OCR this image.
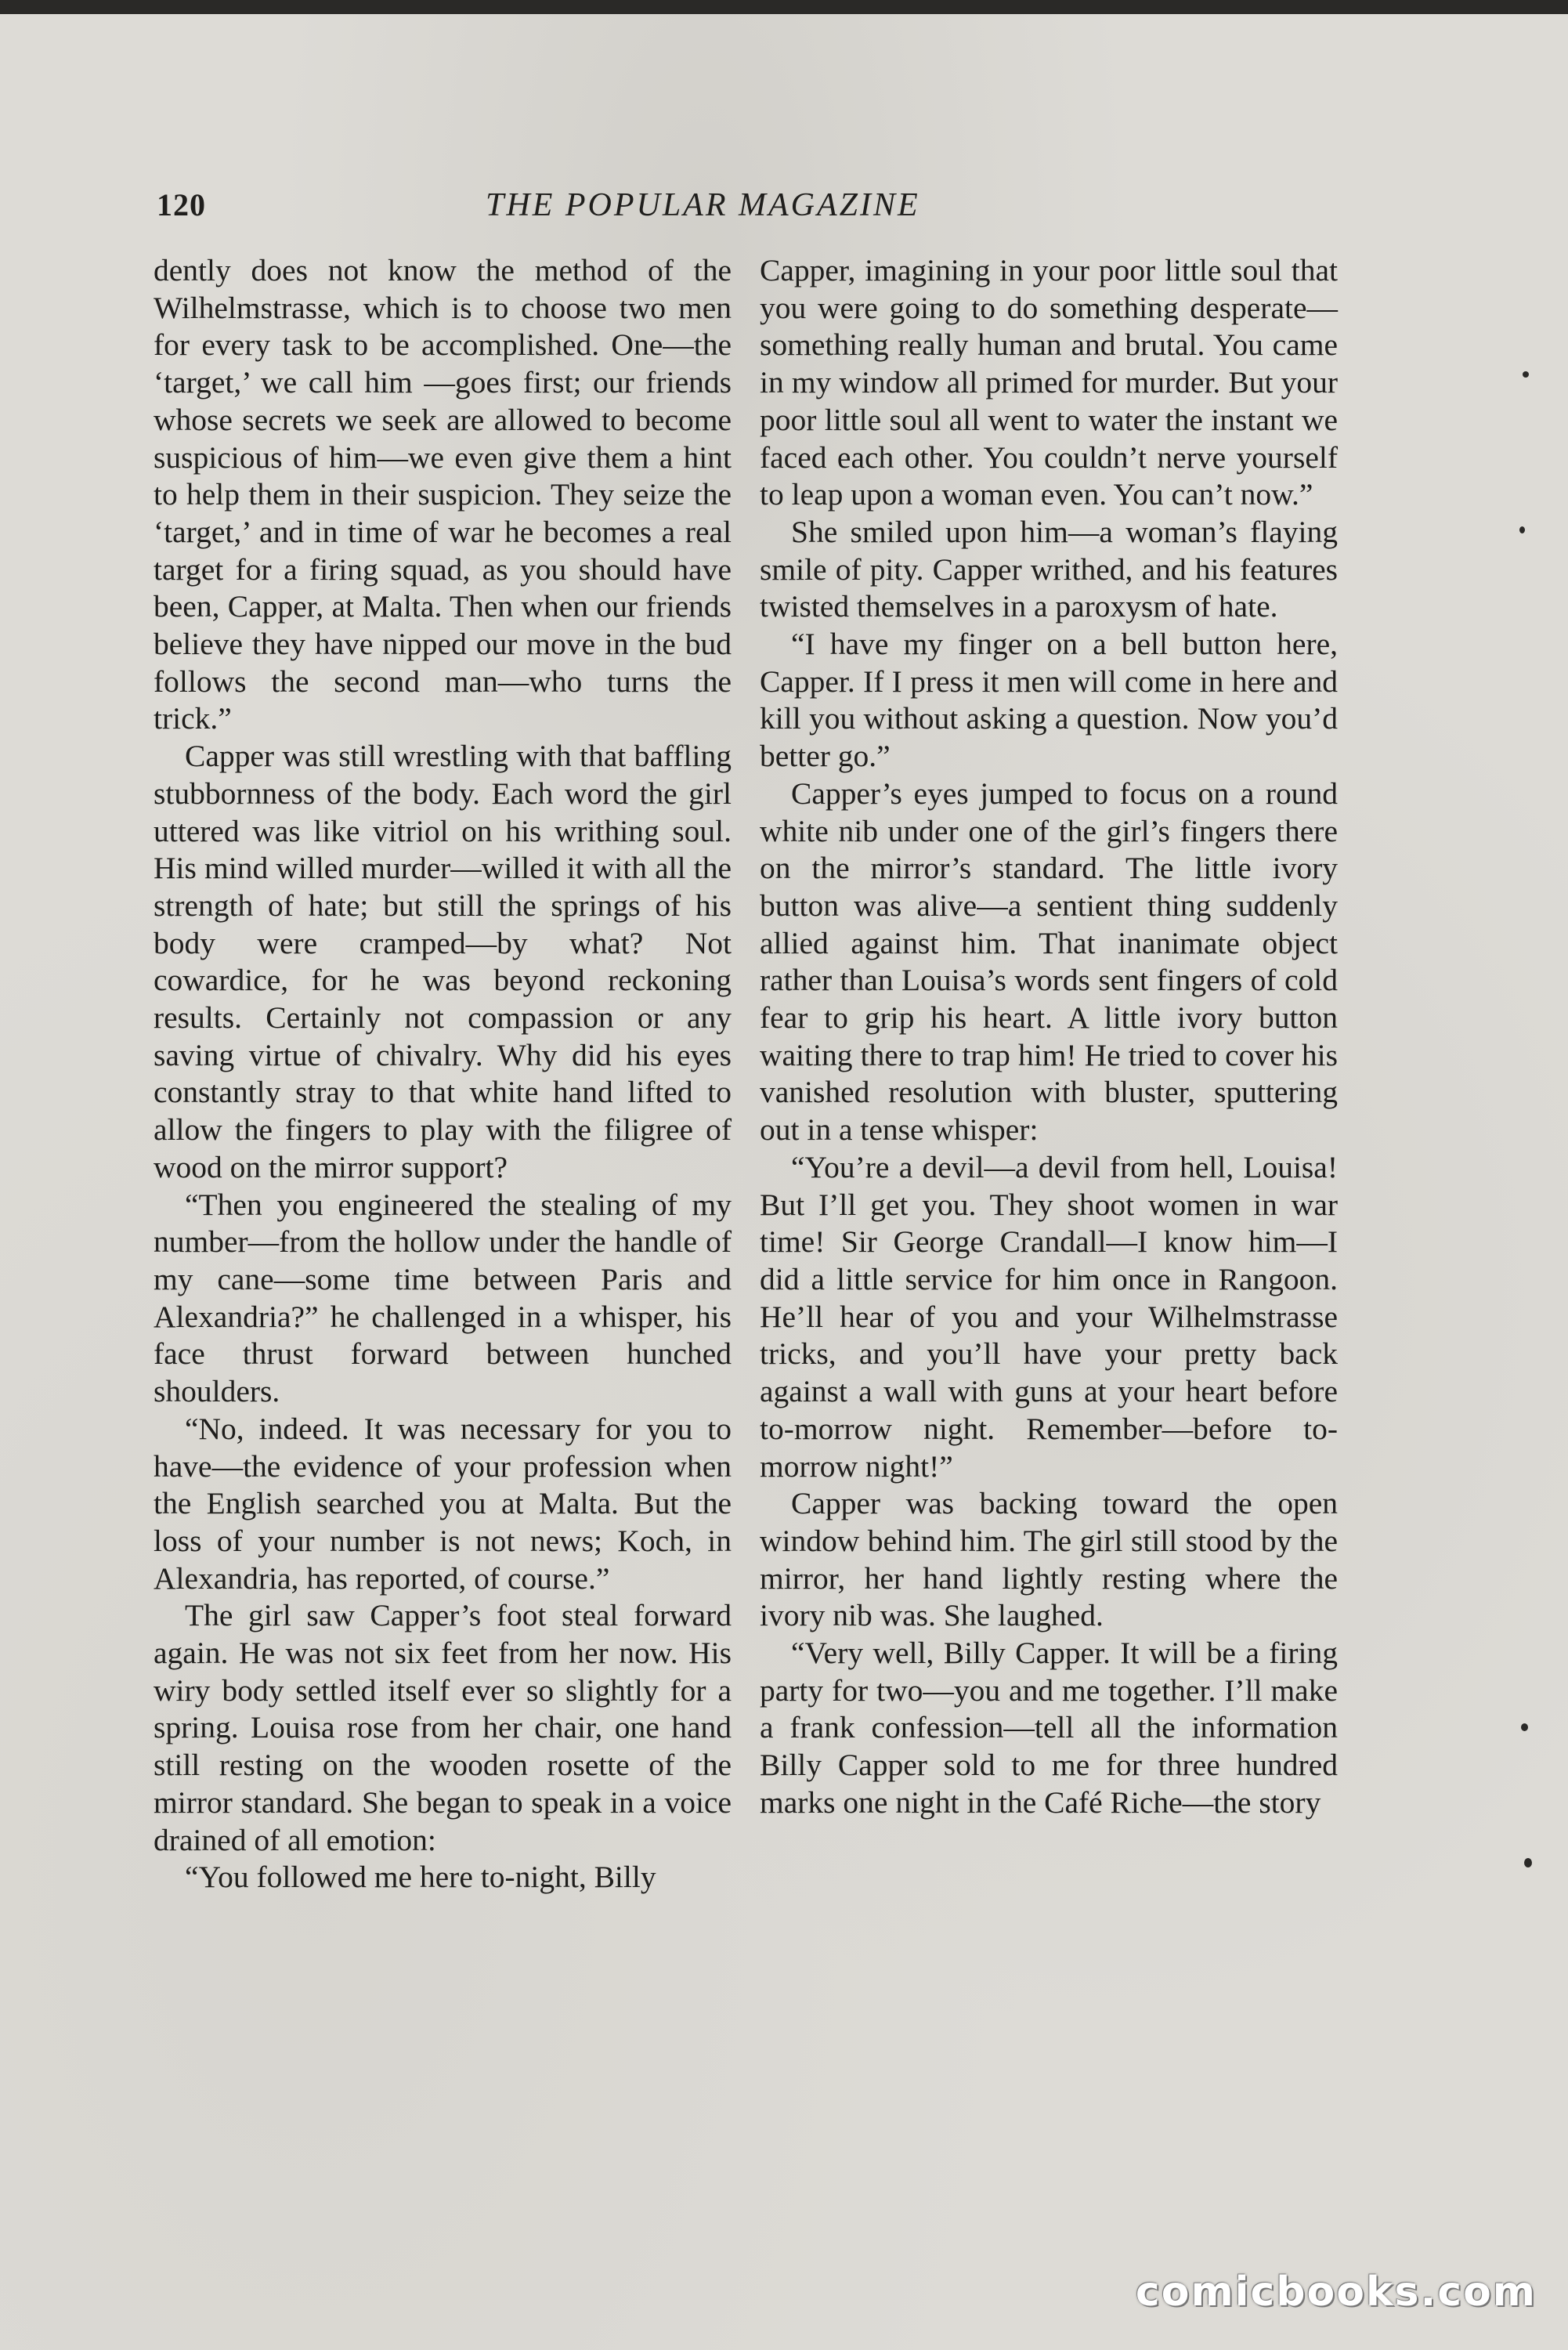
120	THE POPULAR MAGAZINE

dently does not know the method of the Wilhelmstrasse, which is to choose two men for every task to be accomplished. One—the ‘target,’ we call him —goes first; our friends whose secrets we seek are allowed to become suspicious of him—we even give them a hint to help them in their suspicion. They seize the ‘target,’ and in time of war he becomes a real target for a firing squad, as you should have been, Capper, at Malta. Then when our friends believe they have nipped our move in the bud follows the second man—who turns the trick.”

Capper was still wrestling with that baffling stubbornness of the body. Each word the girl uttered was like vitriol on his writhing soul. His mind willed murder—willed it with all the strength of hate; but still the springs of his body were cramped—by what? Not cowardice, for he was beyond reckoning results. Certainly not compassion or any saving virtue of chivalry. Why did his eyes constantly stray to that white hand lifted to allow the fingers to play with the filigree of wood on the mirror support?

“Then you engineered the stealing of my number—from the hollow under the handle of my cane—some time between Paris and Alexandria?” he challenged in a whisper, his face thrust forward between hunched shoulders.

“No, indeed. It was necessary for you to have—the evidence of your profession when the English searched you at Malta. But the loss of your number is not news; Koch, in Alexandria, has reported, of course.”

The girl saw Capper’s foot steal forward again. He was not six feet from her now. His wiry body settled itself ever so slightly for a spring. Louisa rose from her chair, one hand still resting on the wooden rosette of the mirror standard. She began to speak in a voice drained of all emotion:

“You followed me here to-night, Billy

Capper, imagining in your poor little soul that you were going to do something desperate—something really human and brutal. You came in my window all primed for murder. But your poor little soul all went to water the instant we faced each other. You couldn’t nerve yourself to leap upon a woman even. You can’t now.”

She smiled upon him—a woman’s flaying smile of pity. Capper writhed, and his features twisted themselves in a paroxysm of hate.

“I have my finger on a bell button here, Capper. If I press it men will come in here and kill you without asking a question. Now you’d better go.”

Capper’s eyes jumped to focus on a round white nib under one of the girl’s fingers there on the mirror’s standard. The little ivory button was alive—a sentient thing suddenly allied against him. That inanimate object rather than Louisa’s words sent fingers of cold fear to grip his heart. A little ivory button waiting there to trap him! He tried to cover his vanished resolution with bluster, sputtering out in a tense whisper:

“You’re a devil—a devil from hell, Louisa! But I’ll get you. They shoot women in war time! Sir George Crandall—I know him—I did a little service for him once in Rangoon. He’ll hear of you and your Wilhelmstrasse tricks, and you’ll have your pretty back against a wall with guns at your heart before to-morrow night. Remember—before to-morrow night!”

Capper was backing toward the open window behind him. The girl still stood by the mirror, her hand lightly resting where the ivory nib was. She laughed.

“Very well, Billy Capper. It will be a firing party for two—you and me together. I’ll make a frank confession—tell all the information Billy Capper sold to me for three hundred marks one night in the Café Riche—the story

comicbooks.com
